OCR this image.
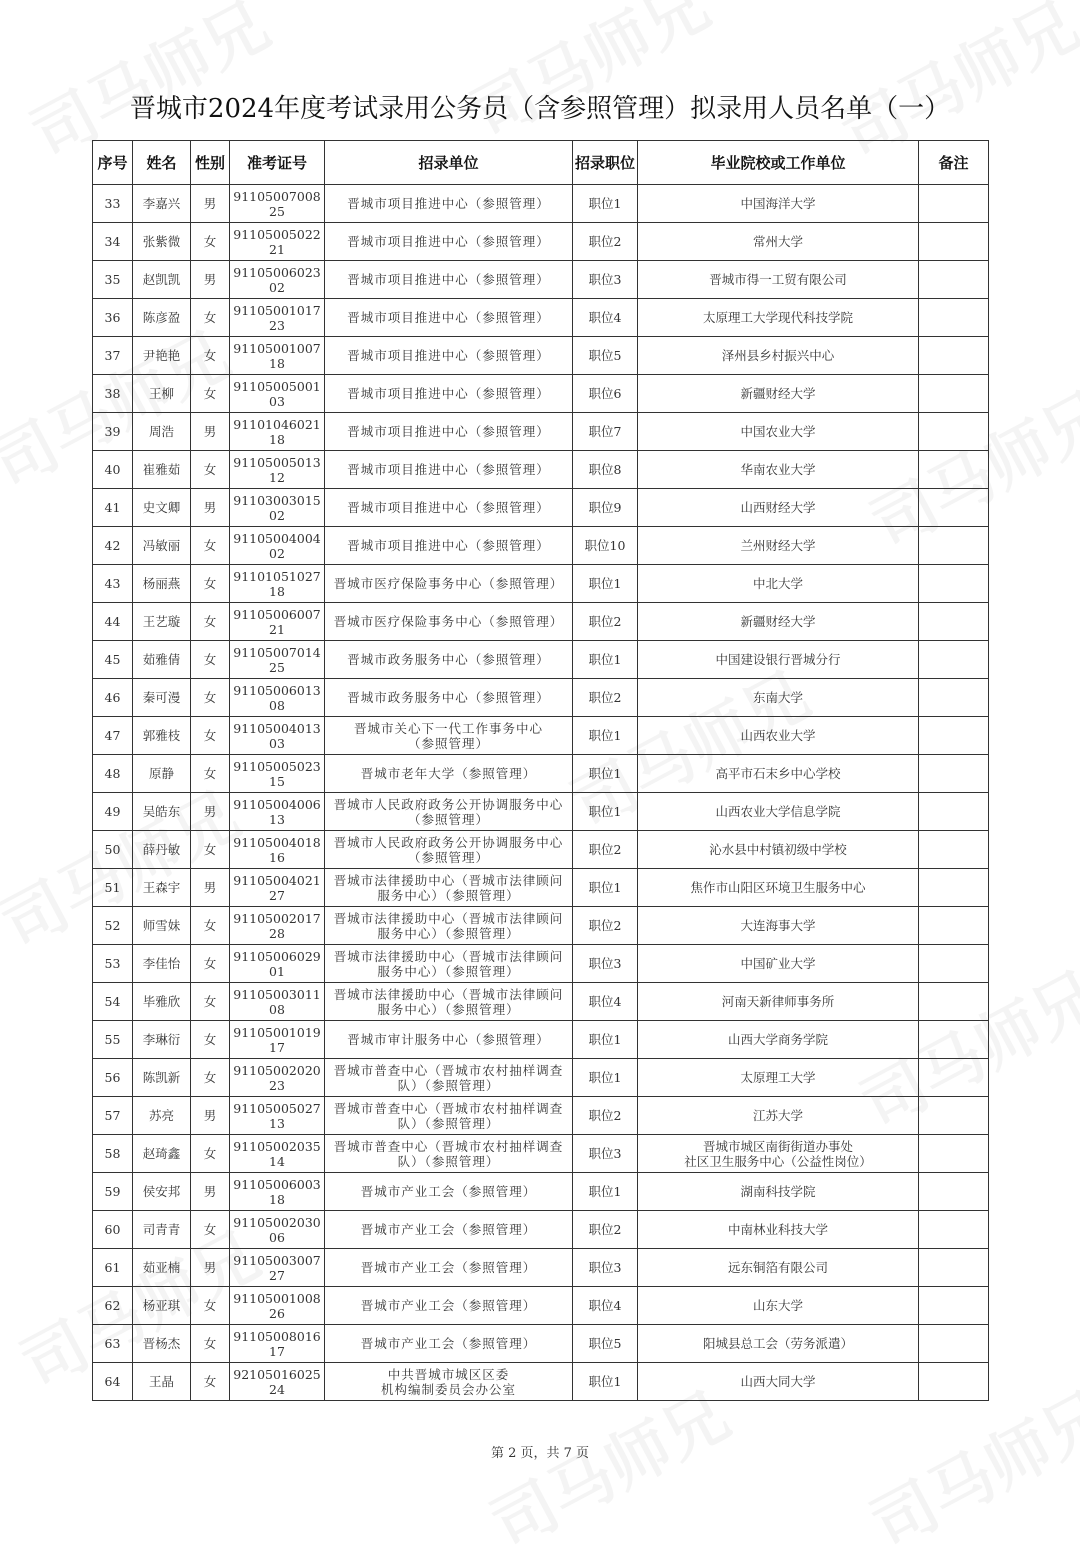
晋城市2024年度考试录用公务员（含参照管理）拟录用人员名单（一）
序号	姓名	性别	准考证号	招录单位	招录职位	毕业院校或工作单位	备注
33	李嘉兴	男	9110500700825	晋城市项目推进中心（参照管理）	职位1	中国海洋大学	
34	张紫微	女	9110500502221	晋城市项目推进中心（参照管理）	职位2	常州大学	
35	赵凯凯	男	9110500602302	晋城市项目推进中心（参照管理）	职位3	晋城市得一工贸有限公司	
36	陈彦盈	女	9110500101723	晋城市项目推进中心（参照管理）	职位4	太原理工大学现代科技学院	
37	尹艳艳	女	9110500100718	晋城市项目推进中心（参照管理）	职位5	泽州县乡村振兴中心	
38	王柳	女	9110500500103	晋城市项目推进中心（参照管理）	职位6	新疆财经大学	
39	周浩	男	9110104602118	晋城市项目推进中心（参照管理）	职位7	中国农业大学	
40	崔雅茹	女	9110500501312	晋城市项目推进中心（参照管理）	职位8	华南农业大学	
41	史文卿	男	9110300301502	晋城市项目推进中心（参照管理）	职位9	山西财经大学	
42	冯敏丽	女	9110500400402	晋城市项目推进中心（参照管理）	职位10	兰州财经大学	
43	杨丽燕	女	9110105102718	晋城市医疗保险事务中心（参照管理）	职位1	中北大学	
44	王艺璇	女	9110500600721	晋城市医疗保险事务中心（参照管理）	职位2	新疆财经大学	
45	茹雅倩	女	9110500701425	晋城市政务服务中心（参照管理）	职位1	中国建设银行晋城分行	
46	秦可漫	女	9110500601308	晋城市政务服务中心（参照管理）	职位2	东南大学	
47	郭雅枝	女	9110500401303	晋城市关心下一代工作事务中心
（参照管理）	职位1	山西农业大学	
48	原静	女	9110500502315	晋城市老年大学（参照管理）	职位1	高平市石末乡中心学校	
49	吴皓东	男	9110500400613	晋城市人民政府政务公开协调服务中心
（参照管理）	职位1	山西农业大学信息学院	
50	薛丹敏	女	9110500401816	晋城市人民政府政务公开协调服务中心
（参照管理）	职位2	沁水县中村镇初级中学校	
51	王森宇	男	9110500402127	晋城市法律援助中心（晋城市法律顾问
服务中心）（参照管理）	职位1	焦作市山阳区环境卫生服务中心	
52	师雪妹	女	9110500201728	晋城市法律援助中心（晋城市法律顾问
服务中心）（参照管理）	职位2	大连海事大学	
53	李佳怡	女	9110500602901	晋城市法律援助中心（晋城市法律顾问
服务中心）（参照管理）	职位3	中国矿业大学	
54	毕雅欣	女	9110500301108	晋城市法律援助中心（晋城市法律顾问
服务中心）（参照管理）	职位4	河南天新律师事务所	
55	李琳衍	女	9110500101917	晋城市审计服务中心（参照管理）	职位1	山西大学商务学院	
56	陈凯新	女	9110500202023	晋城市普查中心（晋城市农村抽样调查
队）（参照管理）	职位1	太原理工大学	
57	苏亮	男	9110500502713	晋城市普查中心（晋城市农村抽样调查
队）（参照管理）	职位2	江苏大学	
58	赵琦鑫	女	9110500203514	晋城市普查中心（晋城市农村抽样调查
队）（参照管理）	职位3	晋城市城区南街街道办事处
社区卫生服务中心（公益性岗位）	
59	侯安邦	男	9110500600318	晋城市产业工会（参照管理）	职位1	湖南科技学院	
60	司青青	女	9110500203006	晋城市产业工会（参照管理）	职位2	中南林业科技大学	
61	茹亚楠	男	9110500300727	晋城市产业工会（参照管理）	职位3	远东铜箔有限公司	
62	杨亚琪	女	9110500100826	晋城市产业工会（参照管理）	职位4	山东大学	
63	晋杨杰	女	9110500801617	晋城市产业工会（参照管理）	职位5	阳城县总工会（劳务派遣）	
64	王晶	女	9210501602524	中共晋城市城区区委
机构编制委员会办公室	职位1	山西大同大学	
第 2 页，共 7 页
